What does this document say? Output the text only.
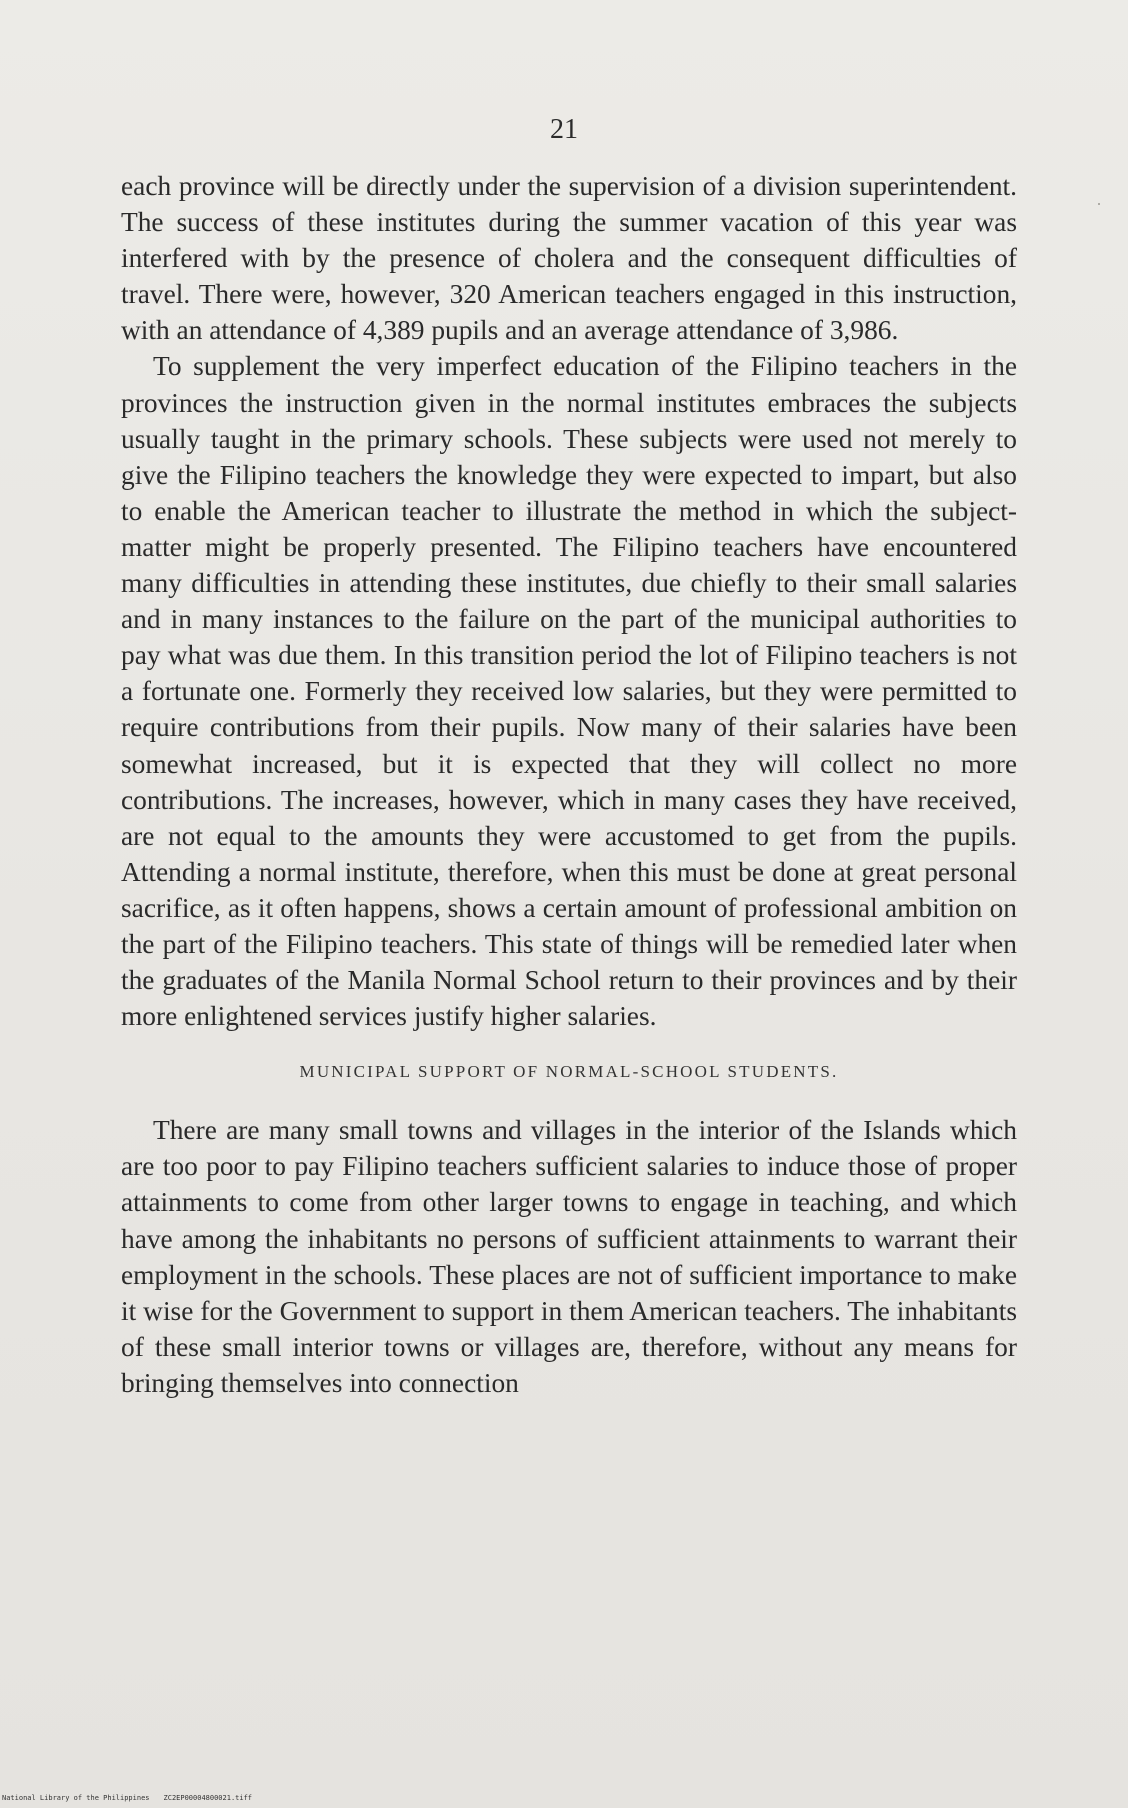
21

each province will be directly under the supervision of a division superintendent. The success of these institutes during the summer vacation of this year was interfered with by the presence of cholera and the consequent difficulties of travel. There were, however, 320 American teachers engaged in this instruction, with an attendance of 4,389 pupils and an average attendance of 3,986.

To supplement the very imperfect education of the Filipino teachers in the provinces the instruction given in the normal institutes embraces the subjects usually taught in the primary schools. These subjects were used not merely to give the Filipino teachers the knowledge they were expected to impart, but also to enable the American teacher to illustrate the method in which the subject-matter might be properly presented. The Filipino teachers have encountered many difficulties in attending these institutes, due chiefly to their small salaries and in many instances to the failure on the part of the municipal authorities to pay what was due them. In this transition period the lot of Filipino teachers is not a fortunate one. Formerly they received low salaries, but they were permitted to require contributions from their pupils. Now many of their salaries have been somewhat increased, but it is expected that they will collect no more contributions. The increases, however, which in many cases they have received, are not equal to the amounts they were accustomed to get from the pupils. Attending a normal institute, therefore, when this must be done at great personal sacrifice, as it often happens, shows a certain amount of professional ambition on the part of the Filipino teachers. This state of things will be remedied later when the graduates of the Manila Normal School return to their provinces and by their more enlightened services justify higher salaries.

MUNICIPAL SUPPORT OF NORMAL-SCHOOL STUDENTS.

There are many small towns and villages in the interior of the Islands which are too poor to pay Filipino teachers sufficient salaries to induce those of proper attainments to come from other larger towns to engage in teaching, and which have among the inhabitants no persons of sufficient attainments to warrant their employment in the schools. These places are not of sufficient importance to make it wise for the Government to support in them American teachers. The inhabitants of these small interior towns or villages are, therefore, without any means for bringing themselves into connection

National Library of the Philippines ZC2EP00004800021.tiff
